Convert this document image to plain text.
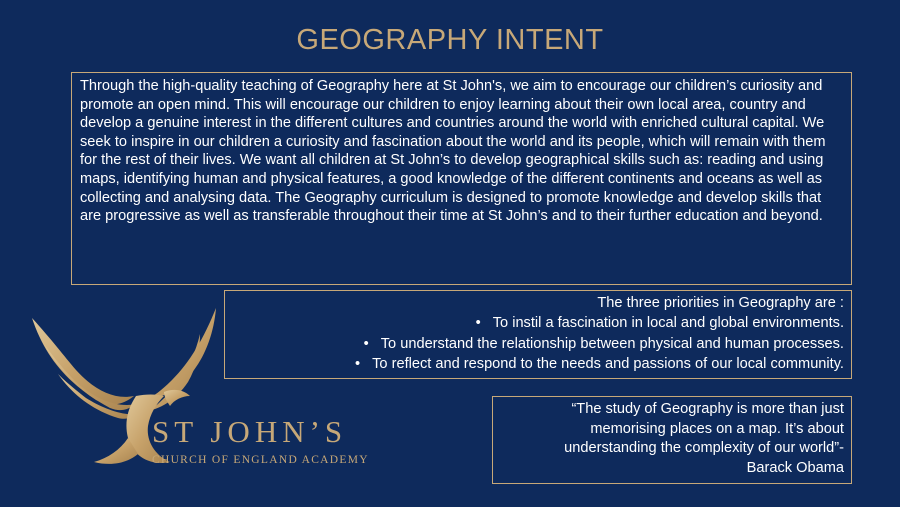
GEOGRAPHY INTENT
Through the high-quality teaching of Geography here at St John's, we aim to encourage our children’s curiosity and promote an open mind. This will encourage our children to enjoy learning about their own local area, country and develop a genuine interest in the different cultures and countries around the world with enriched cultural capital. We seek to inspire in our children a curiosity and fascination about the world and its people, which will remain with them for the rest of their lives. We want all children at St John’s to develop geographical skills such as: reading and using maps, identifying human and physical features, a good knowledge of the different continents and oceans as well as collecting and analysing data. The Geography curriculum is designed to promote knowledge and develop skills that are progressive as well as transferable throughout their time at St John’s and to their further education and beyond.
The three priorities in Geography are :
• To instil a fascination in local and global environments.
• To understand the relationship between physical and human processes.
• To reflect and respond to the needs and passions of our local community.
“The study of Geography is more than just memorising places on a map. It’s about understanding the complexity of our world”-
Barack Obama
ST JOHN’S
CHURCH OF ENGLAND ACADEMY
